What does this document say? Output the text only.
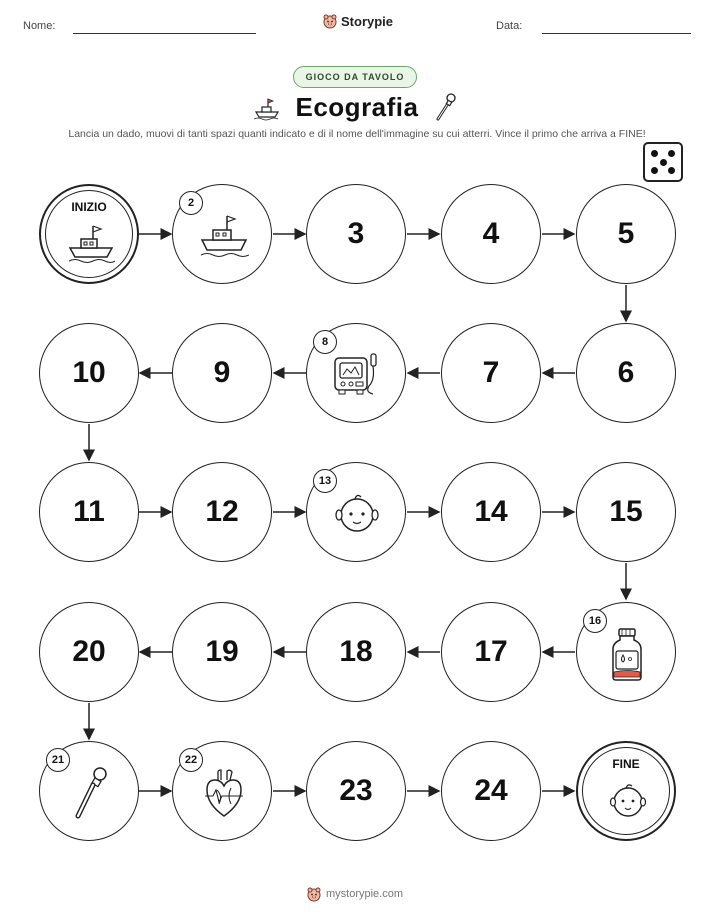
Nome:	Storypie	Data:
GIOCO DA TAVOLO
Ecografia
Lancia un dado, muovi di tanti spazi quanti indicato e di il nome dell'immagine su cui atterri. Vince il primo che arriva a FINE!
INIZIO	2
3	4	5
10	9
8
7	6
11	12
13
14	15
20	19	18	17
16
21	22
23	24
FINE
mystorypie.com
